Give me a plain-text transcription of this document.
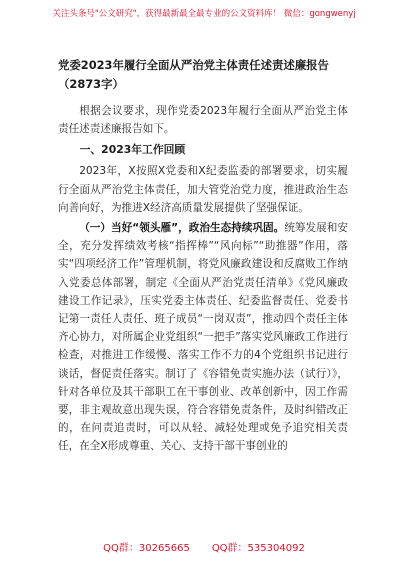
关注头条号"公文研究"，获得最新最全最专业的公文资料库！ 微信：gongwenyj

党委2023年履行全面从严治党主体责任述责述廉报告

（2873字）

根据会议要求，现作党委2023年履行全面从严治党主体责任述责述廉报告如下。

一、2023年工作回顾

2023年，X按照X党委和X纪委监委的部署要求，切实履行全面从严治党主体责任，加大管党治党力度，推进政治生态向善向好，为推进X经济高质量发展提供了坚强保证。

（一）当好“领头雁”，政治生态持续巩固。统筹发展和安全，充分发挥绩效考核“指挥棒”“风向标”“助推器”作用，落实“四项经济工作”管理机制，将党风廉政建设和反腐败工作纳入党委总体部署，制定《全面从严治党责任清单》《党风廉政建设工作记录》，压实党委主体责任、纪委监督责任、党委书记第一责任人责任、班子成员“一岗双责”，推动四个责任主体齐心协力，对所属企业党组织“一把手”落实党风廉政工作进行检查，对推进工作缓慢、落实工作不力的4个党组织书记进行谈话，督促责任落实。制订了《容错免责实施办法（试行）》，针对各单位及其干部职工在干事创业、改革创新中，因工作需要，非主观故意出现失误，符合容错免责条件，及时纠错改正的，在问责追责时，可以从轻、减轻处理或免予追究相关责任，在全X形成尊重、关心、支持干部干事创业的

QQ群：30265665 QQ群：535304092
